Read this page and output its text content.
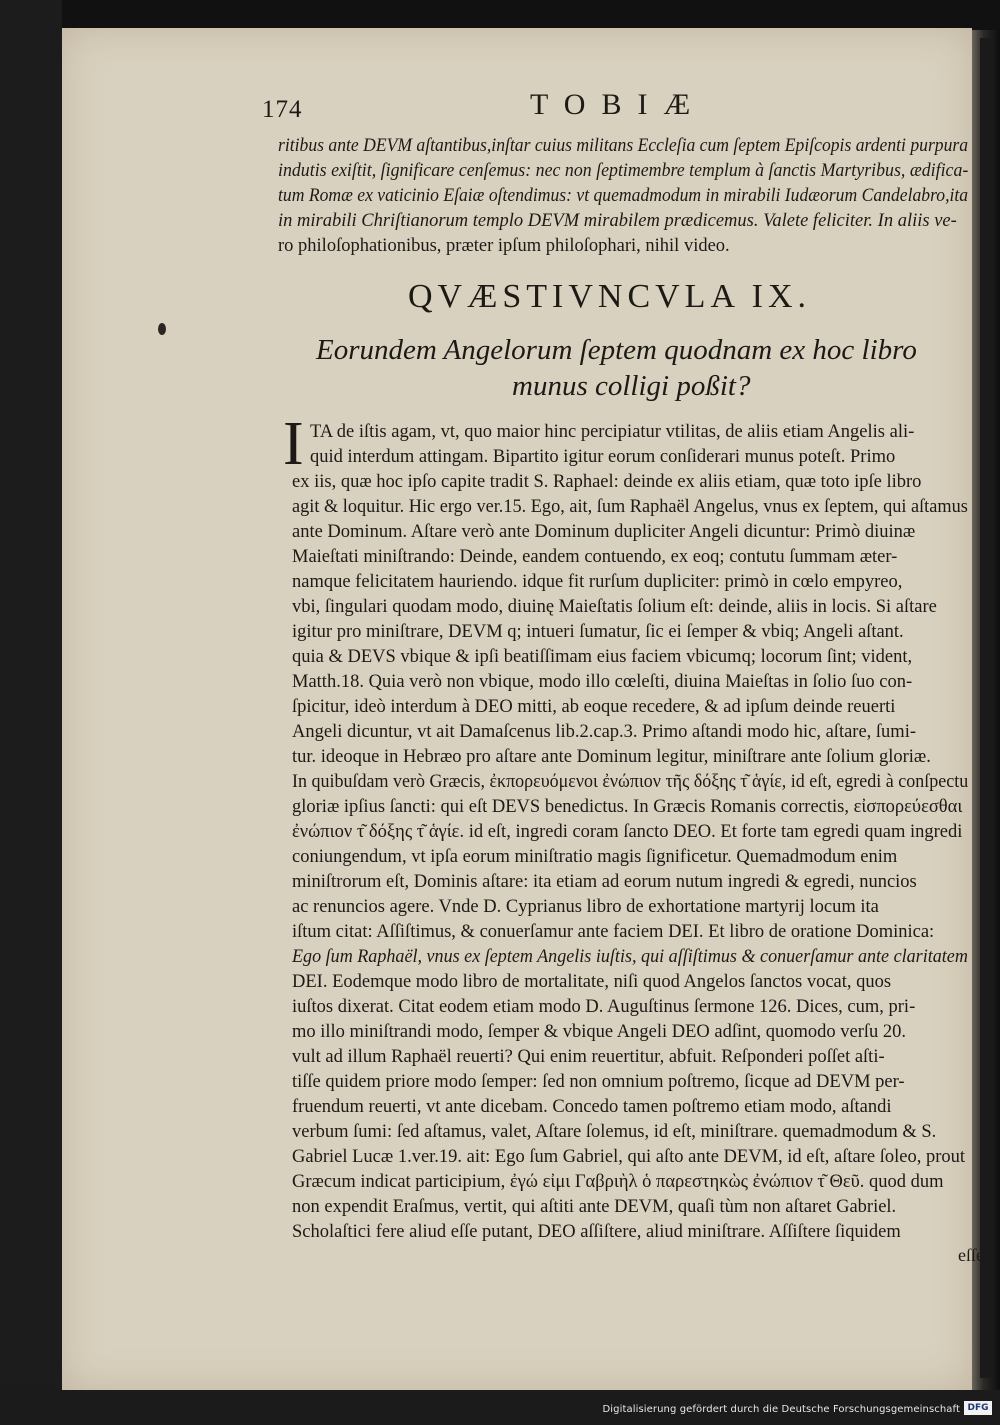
174	TOBIÆ
ritibus ante DEVM aſtantibus,inſtar cuius militans Eccleſia cum ſeptem Epiſcopis ardenti purpura
indutis exiſtit, ſignificare cenſemus: nec non ſeptimembre templum à ſanctis Martyribus, ædifica-
tum Romæ ex vaticinio Eſaiæ oſtendimus: vt quemadmodum in mirabili Iudæorum Candelabro,ita
in mirabili Chriſtianorum templo DEVM mirabilem prædicemus. Valete feliciter. In aliis ve-
ro philoſophationibus, præter ipſum philoſophari, nihil video.
QVÆSTIVNCVLA IX.
Eorundem Angelorum ſeptem quodnam ex hoc libro
munus colligi poßit?
I TA de iſtis agam, vt, quo maior hinc percipiatur vtilitas, de aliis etiam Angelis ali-
quid interdum attingam. Bipartito igitur eorum conſiderari munus poteſt. Primo
ex iis, quæ hoc ipſo capite tradit S. Raphael: deinde ex aliis etiam, quæ toto ipſe libro
agit & loquitur. Hic ergo ver.15. Ego, ait, ſum Raphaël Angelus, vnus ex ſeptem, qui aſtamus
ante Dominum. Aſtare verò ante Dominum dupliciter Angeli dicuntur: Primò diuinæ
Maieſtati miniſtrando: Deinde, eandem contuendo, ex eoq; contutu ſummam æter-
namque felicitatem hauriendo. idque fit rurſum dupliciter: primò in cœlo empyreo,
vbi, ſingulari quodam modo, diuinę Maieſtatis ſolium eſt: deinde, aliis in locis. Si aſtare
igitur pro miniſtrare, DEVM q; intueri ſumatur, ſic ei ſemper & vbiq; Angeli aſtant.
quia & DEVS vbique & ipſi beatiſſimam eius faciem vbicumq; locorum ſint; vident,
Matth.18. Quia verò non vbique, modo illo cœleſti, diuina Maieſtas in ſolio ſuo con-
ſpicitur, ideò interdum à DEO mitti, ab eoque recedere, & ad ipſum deinde reuerti
Angeli dicuntur, vt ait Damaſcenus lib.2.cap.3. Primo aſtandi modo hic, aſtare, ſumi-
tur. ideoque in Hebræo pro aſtare ante Dominum legitur, miniſtrare ante ſolium gloriæ.
In quibuſdam verò Græcis, ἐκπορευόμενοι ἐνώπιον τῆς δόξης τ͂ ἁγίε, id eſt, egredi à conſpectu
gloriæ ipſius ſancti: qui eſt DEVS benedictus. In Græcis Romanis correctis, εἰσπορεύεσθαι
ἐνώπιον τ͂ δόξης τ͂ ἁγίε. id eſt, ingredi coram ſancto DEO. Et forte tam egredi quam ingredi
coniungendum, vt ipſa eorum miniſtratio magis ſignificetur. Quemadmodum enim
miniſtrorum eſt, Dominis aſtare: ita etiam ad eorum nutum ingredi & egredi, nuncios
ac renuncios agere. Vnde D. Cyprianus libro de exhortatione martyrij locum ita
iſtum citat: Aſſiſtimus, & conuerſamur ante faciem DEI. Et libro de oratione Dominica:
Ego ſum Raphaël, vnus ex ſeptem Angelis iuſtis, qui aſſiſtimus & conuerſamur ante claritatem
DEI. Eodemque modo libro de mortalitate, niſi quod Angelos ſanctos vocat, quos
iuſtos dixerat. Citat eodem etiam modo D. Auguſtinus ſermone 126. Dices, cum, pri-
mo illo miniſtrandi modo, ſemper & vbique Angeli DEO adſint, quomodo verſu 20.
vult ad illum Raphaël reuerti? Qui enim reuertitur, abfuit. Reſponderi poſſet aſti-
tiſſe quidem priore modo ſemper: ſed non omnium poſtremo, ſicque ad DEVM per-
fruendum reuerti, vt ante dicebam. Concedo tamen poſtremo etiam modo, aſtandi
verbum ſumi: ſed aſtamus, valet, Aſtare ſolemus, id eſt, miniſtrare. quemadmodum & S.
Gabriel Lucæ 1.ver.19. ait: Ego ſum Gabriel, qui aſto ante DEVM, id eſt, aſtare ſoleo, prout
Græcum indicat participium, ἐγώ εἰμι Γαβριὴλ ὁ παρεστηκὼς ἐνώπιον τ͂ Θεῦ. quod dum
non expendit Eraſmus, vertit, qui aſtiti ante DEVM, quaſi tùm non aſtaret Gabriel.
Scholaſtici fere aliud eſſe putant, DEO aſſiſtere, aliud miniſtrare. Aſſiſtere ſiquidem
eſſe
Digitalisierung gefördert durch die Deutsche Forschungsgemeinschaft DFG
